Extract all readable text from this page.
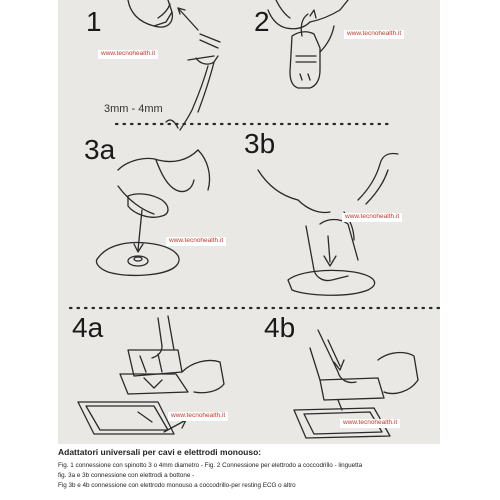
1	2
3a	3b
4a	4b
www.tecnohealth.it
www.tecnohealth.it
www.tecnohealth.it
www.tecnohealth.it
www.tecnohealth.it
www.tecnohealth.it
3mm - 4mm
Adattatori universali per cavi e elettrodi monouso:
Fig. 1 connessione con spinotto 3 o 4mm diametro - Fig. 2 Connessione per elettrodo a coccodrillo - linguetta
fig. 3a e 3b connessione con elettrodi a bottone -
Fig 3b e 4b connessione con elettrodo monouso a coccodrillo-per resting ECG o altro
